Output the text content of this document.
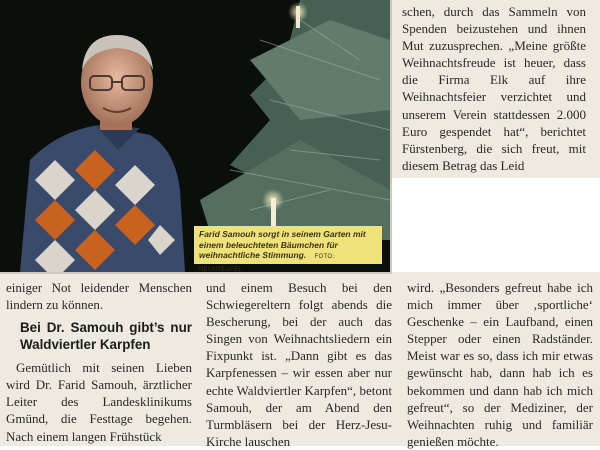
Farid Samouh sorgt in seinem Garten mit einem beleuchteten Bäumchen für weihnachtliche Stimmung. FOTO: NEUNTEUFEL

schen, durch das Sammeln von Spenden beizustehen und ihnen Mut zuzusprechen. „Meine größte Weihnachtsfreude ist heuer, dass die Firma Elk auf ihre Weihnachtsfeier verzichtet und unserem Verein stattdessen 2.000 Euro gespendet hat“, berichtet Fürstenberg, die sich freut, mit diesem Betrag das Leid

einiger Not leidender Menschen lindern zu können.

Bei Dr. Samouh gibt’s nur Waldviertler Karpfen

Gemütlich mit seinen Lieben wird Dr. Farid Samouh, ärztlicher Leiter des Landesklinikums Gmünd, die Festtage begehen. Nach einem langen Frühstück

und einem Besuch bei den Schwiegereltern folgt abends die Bescherung, bei der auch das Singen von Weihnachtsliedern ein Fixpunkt ist. „Dann gibt es das Karpfenessen – wir essen aber nur echte Waldviertler Karpfen“, betont Samouh, der am Abend den Turmbläsern bei der Herz-Jesu-Kirche lauschen

wird. „Besonders gefreut habe ich mich immer über ‚sportliche‘ Geschenke – ein Laufband, einen Stepper oder einen Radständer. Meist war es so, dass ich mir etwas gewünscht hab, dann hab ich es bekommen und dann hab ich mich gefreut“, so der Mediziner, der Weihnachten ruhig und familiär genießen möchte.
